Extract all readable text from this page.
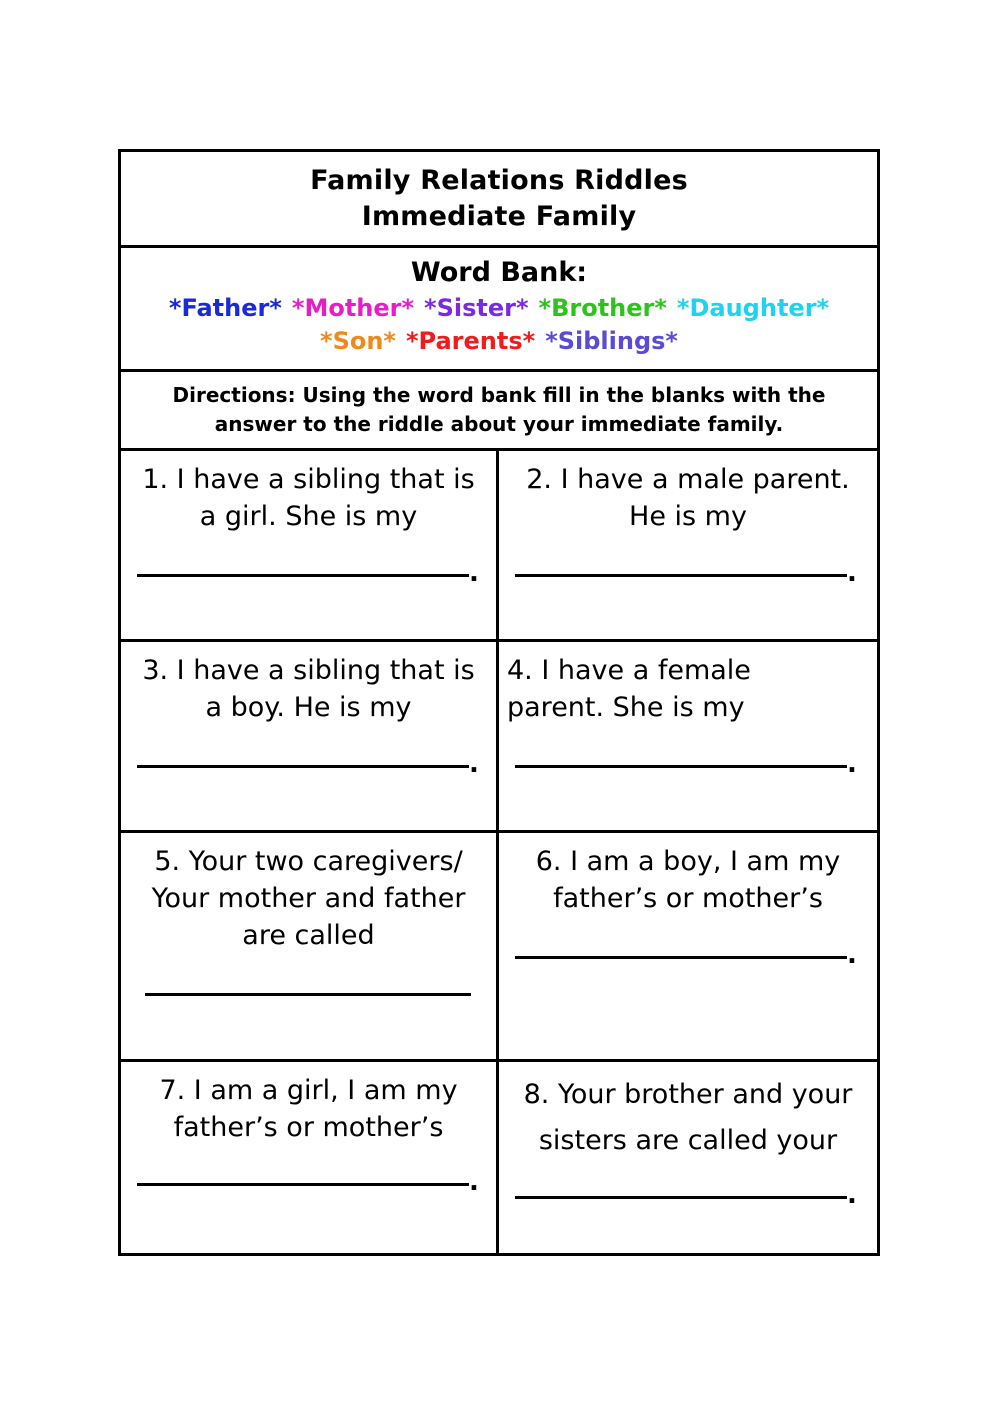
Family Relations Riddles
Immediate Family
Word Bank:
*Father* *Mother* *Sister* *Brother* *Daughter*
*Son* *Parents* *Siblings*
Directions: Using the word bank fill in the blanks with the
answer to the riddle about your immediate family.
1. I have a sibling that is
a girl. She is my
.
2. I have a male parent.
He is my
.
3. I have a sibling that is
a boy. He is my
.
4. I have a female
parent. She is my
.
5. Your two caregivers/
Your mother and father
are called
6. I am a boy, I am my
father’s or mother’s
.
7. I am a girl, I am my
father’s or mother’s
.
8. Your brother and your
sisters are called your
.
